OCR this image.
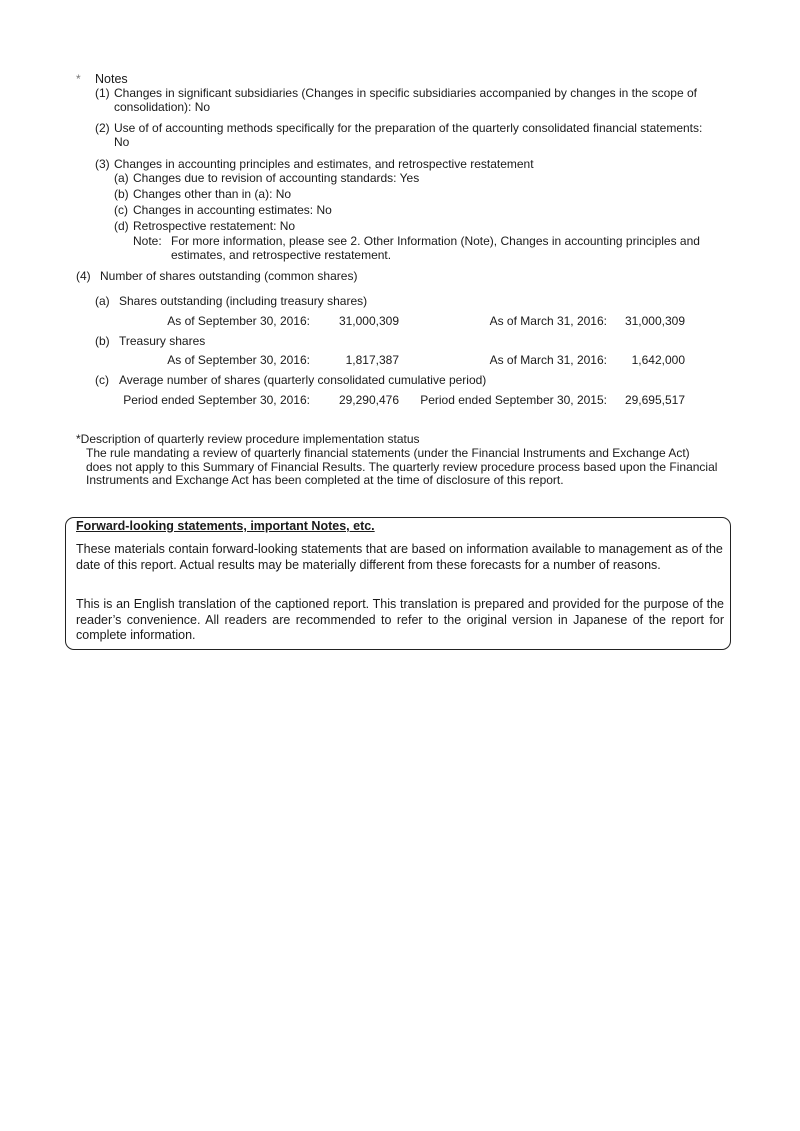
* Notes
(1) Changes in significant subsidiaries (Changes in specific subsidiaries accompanied by changes in the scope of
consolidation): No
(2) Use of of accounting methods specifically for the preparation of the quarterly consolidated financial statements:
No
(3) Changes in accounting principles and estimates, and retrospective restatement
(a) Changes due to revision of accounting standards: Yes
(b) Changes other than in (a): No
(c) Changes in accounting estimates: No
(d) Retrospective restatement: No
Note: For more information, please see 2. Other Information (Note), Changes in accounting principles and
estimates, and retrospective restatement.
(4) Number of shares outstanding (common shares)
(a) Shares outstanding (including treasury shares)
As of September 30, 2016:	31,000,309	As of March 31, 2016:	31,000,309
(b) Treasury shares
As of September 30, 2016:	1,817,387	As of March 31, 2016:	1,642,000
(c) Average number of shares (quarterly consolidated cumulative period)
Period ended September 30, 2016:	29,290,476	Period ended September 30, 2015:	29,695,517
*Description of quarterly review procedure implementation status
The rule mandating a review of quarterly financial statements (under the Financial Instruments and Exchange Act)
does not apply to this Summary of Financial Results. The quarterly review procedure process based upon the Financial
Instruments and Exchange Act has been completed at the time of disclosure of this report.
Forward-looking statements, important Notes, etc.
These materials contain forward-looking statements that are based on information available to management as of the date of this report. Actual results may be materially different from these forecasts for a number of reasons.
This is an English translation of the captioned report. This translation is prepared and provided for the purpose of the reader’s convenience. All readers are recommended to refer to the original version in Japanese of the report for complete information.
